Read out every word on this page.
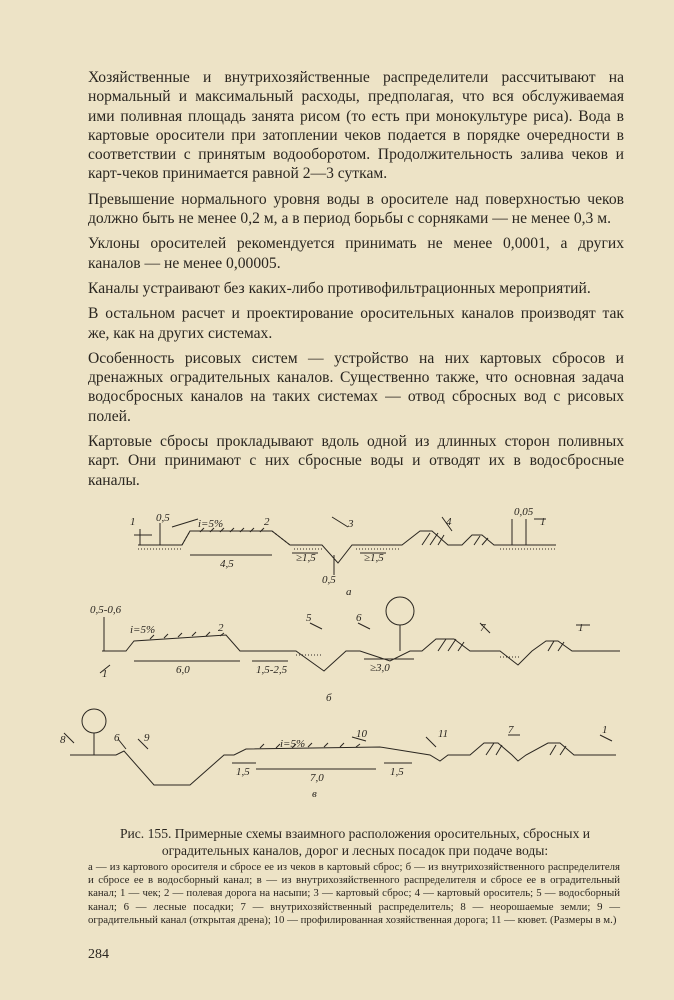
Хозяйственные и внутрихозяйственные распределители рассчитывают на нормальный и максимальный расходы, предполагая, что вся обслуживаемая ими поливная площадь занята рисом (то есть при монокультуре риса). Вода в картовые оросители при затоплении чеков подается в порядке очередности в соответствии с принятым водооборотом. Продолжительность залива чеков и карт-чеков принимается равной 2—3 суткам.

Превышение нормального уровня воды в оросителе над поверхностью чеков должно быть не менее 0,2 м, а в период борьбы с сорняками — не менее 0,3 м.

Уклоны оросителей рекомендуется принимать не менее 0,0001, а других каналов — не менее 0,00005.

Каналы устраивают без каких-либо противофильтрационных мероприятий.

В остальном расчет и проектирование оросительных каналов производят так же, как на других системах.

Особенность рисовых систем — устройство на них картовых сбросов и дренажных оградительных каналов. Существенно также, что основная задача водосбросных каналов на таких системах — отвод сбросных вод с рисовых полей.

Картовые сбросы прокладывают вдоль одной из длинных сторон поливных карт. Они принимают с них сбросные воды и отводят их в водосбросные каналы.

1 0,5	i=5%	2
4,5	≥1,5	≥1,5
0,5
3	4
0,05
1
а
0,5-0,6
i=5%	2
6,0	1,5-2,5	≥3,0
5	6
7	1
1
б
8	6 9	i=5%
10
1,5	7,0	1,5
11	7	1
в
Рис. 155. Примерные схемы взаимного расположения оросительных, сбросных и оградительных каналов, дорог и лесных посадок при подаче воды:
а — из картового оросителя и сбросе ее из чеков в картовый сброс; б — из внутрихозяйственного распределителя и сбросе ее в водосборный канал; в — из внутрихозяйственного распределителя и сбросе ее в оградительный канал; 1 — чек; 2 — полевая дорога на насыпи; 3 — картовый сброс; 4 — картовый ороситель; 5 — водосборный канал; 6 — лесные посадки; 7 — внутрихозяйственный распределитель; 8 — неорошаемые земли; 9 — оградительный канал (открытая дрена); 10 — профилированная хозяйственная дорога; 11 — кювет. (Размеры в м.)
284
